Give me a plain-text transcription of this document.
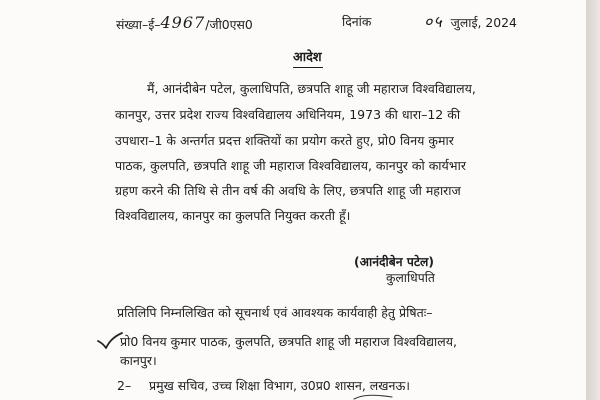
संख्या–ई–4967/जी0एस0	दिनांक	०५ जुलाई, 2024
आदेश
मैं, आनंदीबेन पटेल, कुलाधिपति, छत्रपति शाहू जी महाराज विश्वविद्यालय,
कानपुर, उत्तर प्रदेश राज्य विश्वविद्यालय अधिनियम, 1973 की धारा–12 की
उपधारा–1 के अन्तर्गत प्रदत्त शक्तियों का प्रयोग करते हुए, प्रो0 विनय कुमार
पाठक, कुलपति, छत्रपति शाहू जी महाराज विश्वविद्यालय, कानपुर को कार्यभार
ग्रहण करने की तिथि से तीन वर्ष की अवधि के लिए, छत्रपति शाहू जी महाराज
विश्वविद्यालय, कानपुर का कुलपति नियुक्त करती हूँ।
(आनंदीबेन पटेल)
कुलाधिपति
प्रतिलिपि निम्नलिखित को सूचनार्थ एवं आवश्यक कार्यवाही हेतु प्रेषितः–
प्रो0 विनय कुमार पाठक, कुलपति, छत्रपति शाहू जी महाराज विश्वविद्यालय,
कानपुर।
2– प्रमुख सचिव, उच्च शिक्षा विभाग, उ0प्र0 शासन, लखनऊ।
